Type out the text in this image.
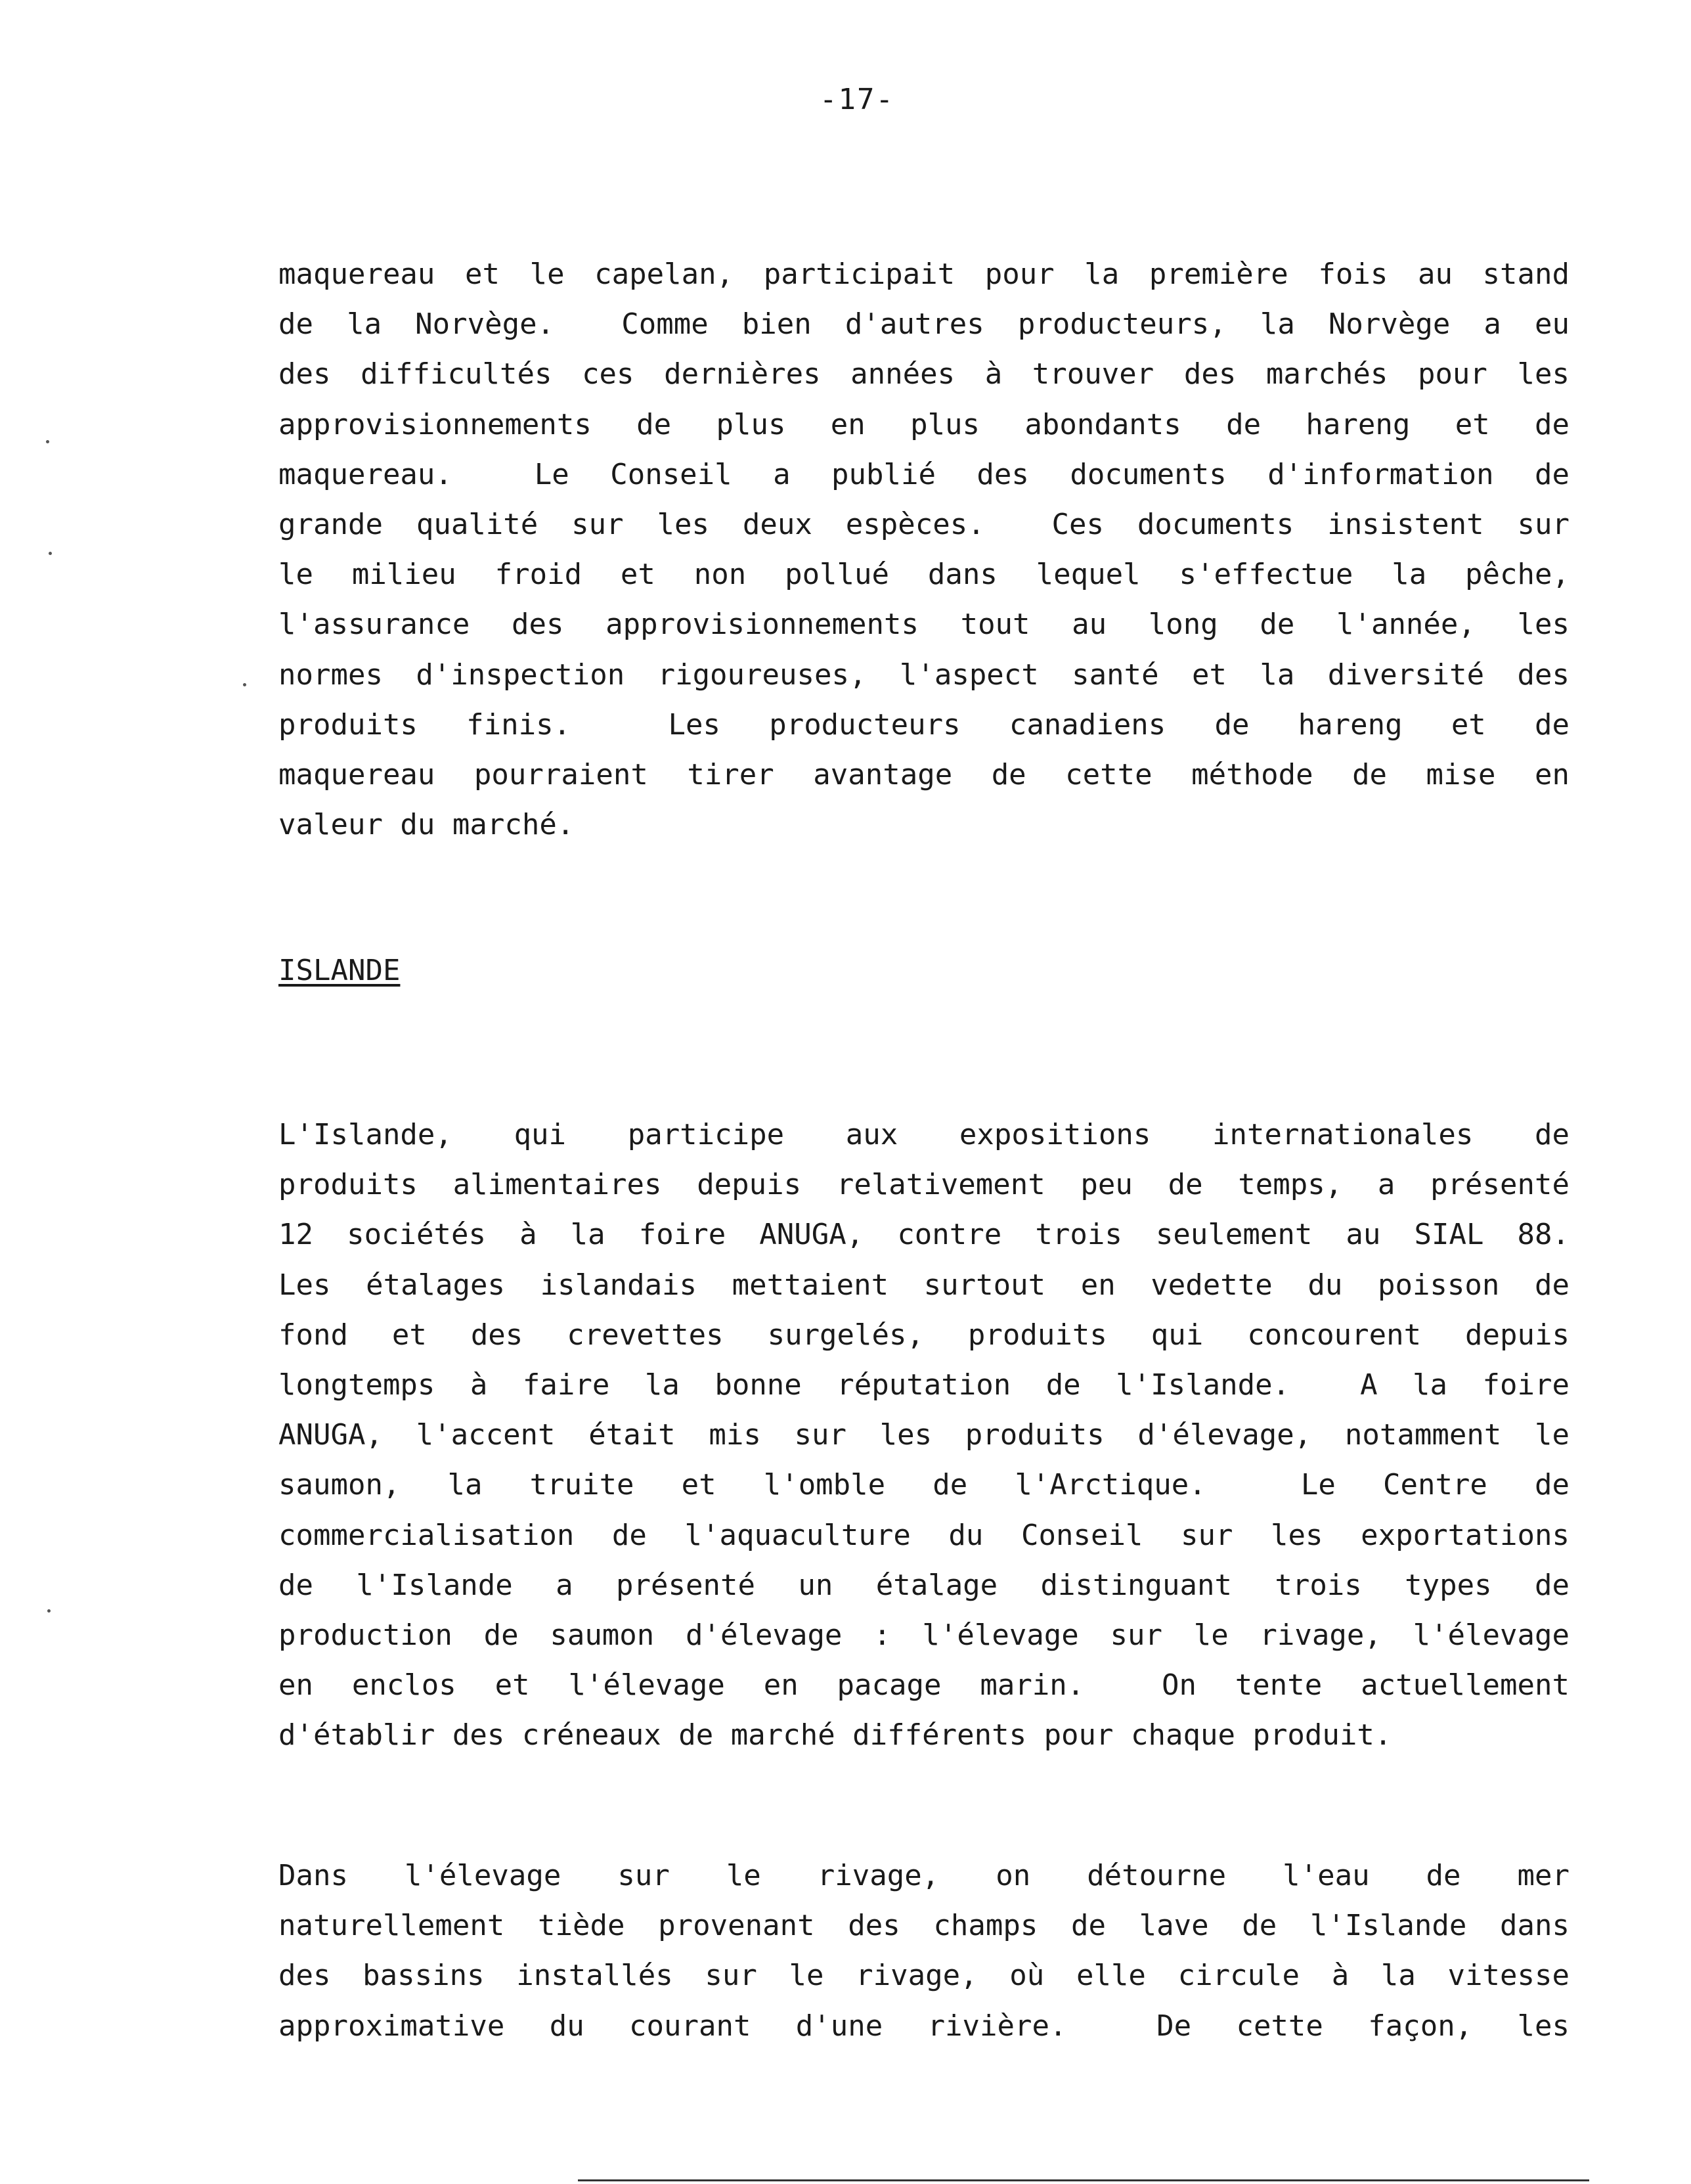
-17-
maquereau et le capelan, participait pour la première fois au stand
de la Norvège.  Comme bien d'autres producteurs, la Norvège a eu
des difficultés ces dernières années à trouver des marchés pour les
approvisionnements de plus en plus abondants de hareng et de
maquereau.  Le Conseil a publié des documents d'information de
grande qualité sur les deux espèces.  Ces documents insistent sur
le milieu froid et non pollué dans lequel s'effectue la pêche,
l'assurance des approvisionnements tout au long de l'année, les
normes d'inspection rigoureuses, l'aspect santé et la diversité des
produits finis.  Les producteurs canadiens de hareng et de
maquereau pourraient tirer avantage de cette méthode de mise en
valeur du marché.
ISLANDE
L'Islande, qui participe aux expositions internationales de
produits alimentaires depuis relativement peu de temps, a présenté
12 sociétés à la foire ANUGA, contre trois seulement au SIAL 88.
Les étalages islandais mettaient surtout en vedette du poisson de
fond et des crevettes surgelés, produits qui concourent depuis
longtemps à faire la bonne réputation de l'Islande.  A la foire
ANUGA, l'accent était mis sur les produits d'élevage, notamment le
saumon, la truite et l'omble de l'Arctique.  Le Centre de
commercialisation de l'aquaculture du Conseil sur les exportations
de l'Islande a présenté un étalage distinguant trois types de
production de saumon d'élevage : l'élevage sur le rivage, l'élevage
en enclos et l'élevage en pacage marin.  On tente actuellement
d'établir des créneaux de marché différents pour chaque produit.
Dans l'élevage sur le rivage, on détourne l'eau de mer
naturellement tiède provenant des champs de lave de l'Islande dans
des bassins installés sur le rivage, où elle circule à la vitesse
approximative du courant d'une rivière.  De cette façon, les
